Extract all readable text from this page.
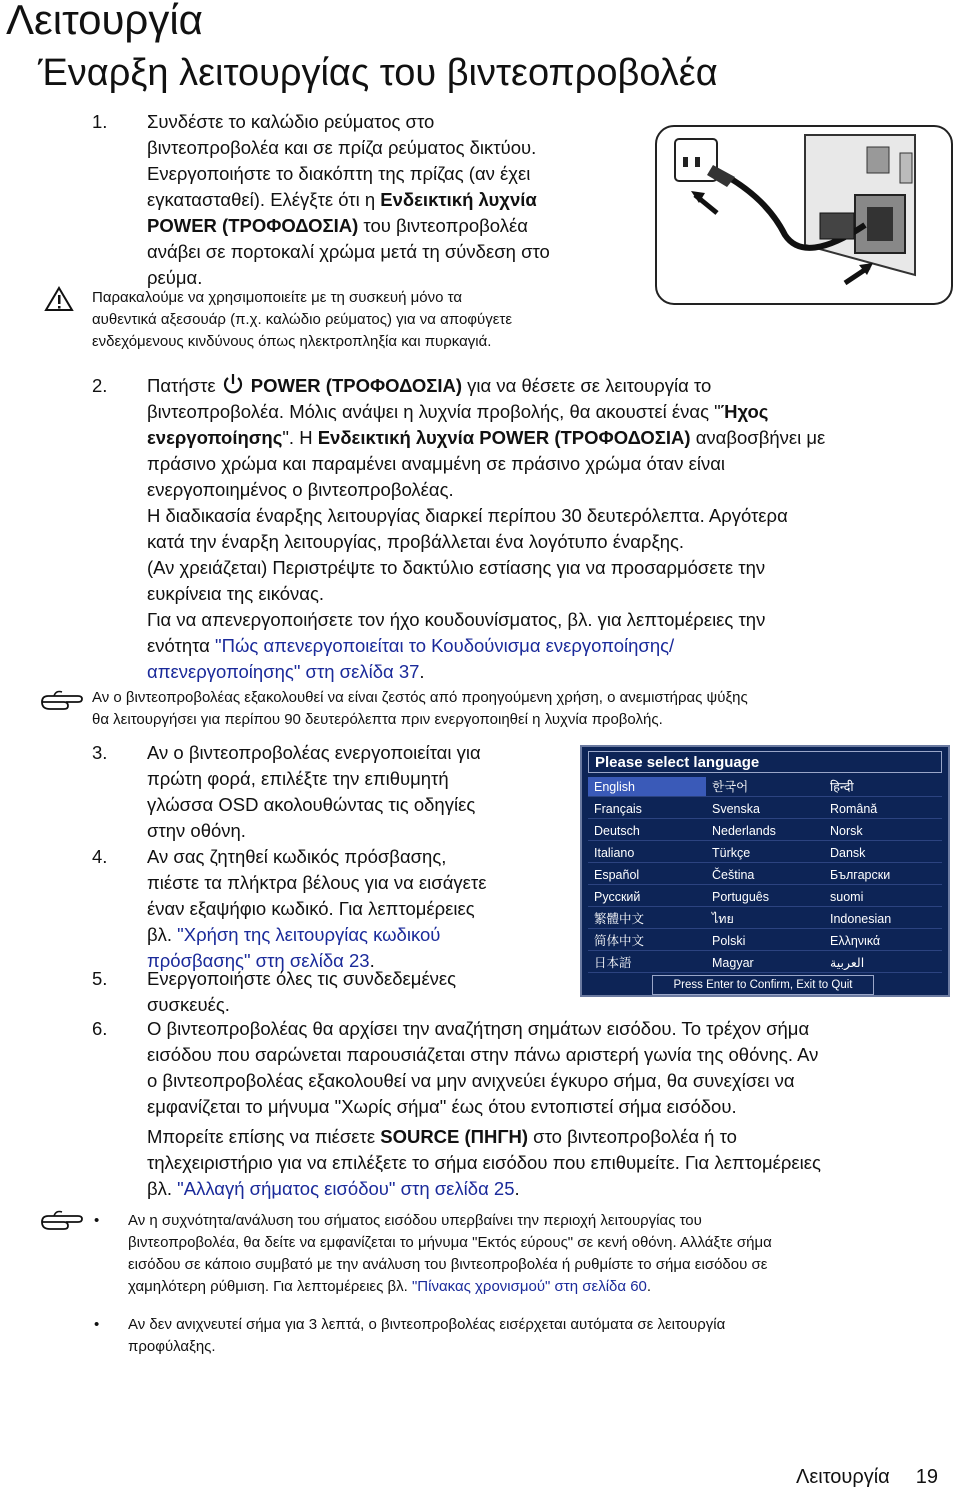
Λειτουργία
Έναρξη λειτουργίας του βιντεοπροβολέα
1. Συνδέστε το καλώδιο ρεύματος στο
βιντεοπροβολέα και σε πρίζα ρεύματος δικτύου.
Ενεργοποιήστε το διακόπτη της πρίζας (αν έχει
εγκατασταθεί). Ελέγξτε ότι η Ενδεικτική λυχνία
POWER (ΤΡΟΦΟΔΟΣΙΑ) του βιντεοπροβολέα
ανάβει σε πορτοκαλί χρώμα μετά τη σύνδεση στο
ρεύμα.
Παρακαλούμε να χρησιμοποιείτε με τη συσκευή μόνο τα
αυθεντικά αξεσουάρ (π.χ. καλώδιο ρεύματος) για να αποφύγετε
ενδεχόμενους κινδύνους όπως ηλεκτροπληξία και πυρκαγιά.
2. Πατήστε POWER (ΤΡΟΦΟΔΟΣΙΑ) για να θέσετε σε λειτουργία το
βιντεοπροβολέα. Μόλις ανάψει η λυχνία προβολής, θα ακουστεί ένας "Ήχος
ενεργοποίησης". Η Ενδεικτική λυχνία POWER (ΤΡΟΦΟΔΟΣΙΑ) αναβοσβήνει με
πράσινο χρώμα και παραμένει αναμμένη σε πράσινο χρώμα όταν είναι
ενεργοποιημένος ο βιντεοπροβολέας.
Η διαδικασία έναρξης λειτουργίας διαρκεί περίπου 30 δευτερόλεπτα. Αργότερα
κατά την έναρξη λειτουργίας, προβάλλεται ένα λογότυπο έναρξης.
(Αν χρειάζεται) Περιστρέψτε το δακτύλιο εστίασης για να προσαρμόσετε την
ευκρίνεια της εικόνας.
Για να απενεργοποιήσετε τον ήχο κουδουνίσματος, βλ. για λεπτομέρειες την
ενότητα "Πώς απενεργοποιείται το Κουδούνισμα ενεργοποίησης/
απενεργοποίησης" στη σελίδα 37.
Αν ο βιντεοπροβολέας εξακολουθεί να είναι ζεστός από προηγούμενη χρήση, ο ανεμιστήρας ψύξης
θα λειτουργήσει για περίπου 90 δευτερόλεπτα πριν ενεργοποιηθεί η λυχνία προβολής.
3. Αν ο βιντεοπροβολέας ενεργοποιείται για
πρώτη φορά, επιλέξτε την επιθυμητή
γλώσσα OSD ακολουθώντας τις οδηγίες
στην οθόνη.
4. Αν σας ζητηθεί κωδικός πρόσβασης,
πιέστε τα πλήκτρα βέλους για να εισάγετε
έναν εξαψήφιο κωδικό. Για λεπτομέρειες
βλ. "Χρήση της λειτουργίας κωδικού
πρόσβασης" στη σελίδα 23.
Please select language
English	한국어	हिन्दी
Français	Svenska	Română
Deutsch	Nederlands	Norsk
Italiano	Türkçe	Dansk
Español	Čeština	Български
Русский	Português	suomi
繁體中文	ไทย	Indonesian
简体中文	Polski	Ελληνικά
日本語	Magyar	العربية
Press Enter to Confirm, Exit to Quit
5. Ενεργοποιήστε όλες τις συνδεδεμένες
συσκευές.
6. Ο βιντεοπροβολέας θα αρχίσει την αναζήτηση σημάτων εισόδου. Το τρέχον σήμα
εισόδου που σαρώνεται παρουσιάζεται στην πάνω αριστερή γωνία της οθόνης. Αν
ο βιντεοπροβολέας εξακολουθεί να μην ανιχνεύει έγκυρο σήμα, θα συνεχίσει να
εμφανίζεται το μήνυμα "Χωρίς σήμα" έως ότου εντοπιστεί σήμα εισόδου.
Μπορείτε επίσης να πιέσετε SOURCE (ΠΗΓΗ) στο βιντεοπροβολέα ή το
τηλεχειριστήριο για να επιλέξετε το σήμα εισόδου που επιθυμείτε. Για λεπτομέρειες
βλ. "Αλλαγή σήματος εισόδου" στη σελίδα 25.
• Αν η συχνότητα/ανάλυση του σήματος εισόδου υπερβαίνει την περιοχή λειτουργίας του
βιντεοπροβολέα, θα δείτε να εμφανίζεται το μήνυμα "Εκτός εύρους" σε κενή οθόνη. Αλλάξτε σήμα
εισόδου σε κάποιο συμβατό με την ανάλυση του βιντεοπροβολέα ή ρυθμίστε το σήμα εισόδου σε
χαμηλότερη ρύθμιση. Για λεπτομέρειες βλ. "Πίνακας χρονισμού" στη σελίδα 60.
• Αν δεν ανιχνευτεί σήμα για 3 λεπτά, ο βιντεοπροβολέας εισέρχεται αυτόματα σε λειτουργία
προφύλαξης.
Λειτουργία 19
